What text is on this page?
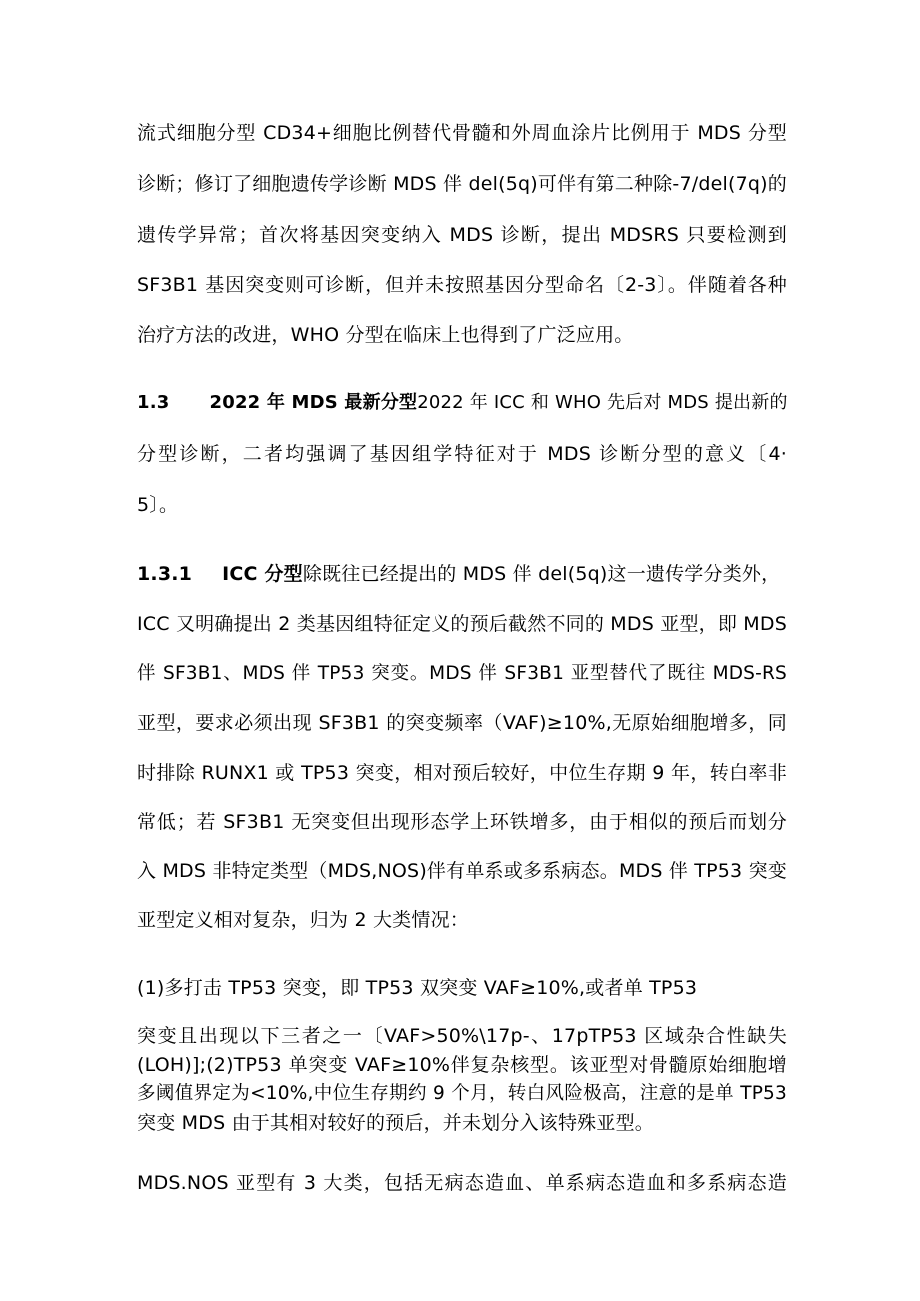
流式细胞分型 CD34+细胞比例替代骨髓和外周血涂片比例用于 MDS 分型
诊断；修订了细胞遗传学诊断 MDS 伴 del(5q)可伴有第二种除-7/del(7q)的
遗传学异常；首次将基因突变纳入 MDS 诊断，提出 MDSRS 只要检测到
SF3B1 基因突变则可诊断，但并未按照基因分型命名〔2-3〕。伴随着各种
治疗方法的改进，WHO 分型在临床上也得到了广泛应用。
1.3 2022 年 MDS 最新分型2022 年 ICC 和 WHO 先后对 MDS 提出新的
分型诊断，二者均强调了基因组学特征对于 MDS 诊断分型的意义〔4·
5〕。
1.3.1 ICC 分型除既往已经提出的 MDS 伴 del(5q)这一遗传学分类外，
ICC 又明确提出 2 类基因组特征定义的预后截然不同的 MDS 亚型，即 MDS
伴 SF3B1、MDS 伴 TP53 突变。MDS 伴 SF3B1 亚型替代了既往 MDS-RS
亚型，要求必须出现 SF3B1 的突变频率（VAF)≥10%,无原始细胞增多，同
时排除 RUNX1 或 TP53 突变，相对预后较好，中位生存期 9 年，转白率非
常低；若 SF3B1 无突变但出现形态学上环铁增多，由于相似的预后而划分
入 MDS 非特定类型（MDS,NOS)伴有单系或多系病态。MDS 伴 TP53 突变
亚型定义相对复杂，归为 2 大类情况：
(1)多打击 TP53 突变，即 TP53 双突变 VAF≥10%,或者单 TP53
突变且出现以下三者之一〔VAF>50%\17p-、17pTP53 区域杂合性缺失
(LOH)];(2)TP53 单突变 VAF≥10%伴复杂核型。该亚型对骨髓原始细胞增
多阈值界定为<10%,中位生存期约 9 个月，转白风险极高，注意的是单 TP53
突变 MDS 由于其相对较好的预后，并未划分入该特殊亚型。
MDS.NOS 亚型有 3 大类，包括无病态造血、单系病态造血和多系病态造
